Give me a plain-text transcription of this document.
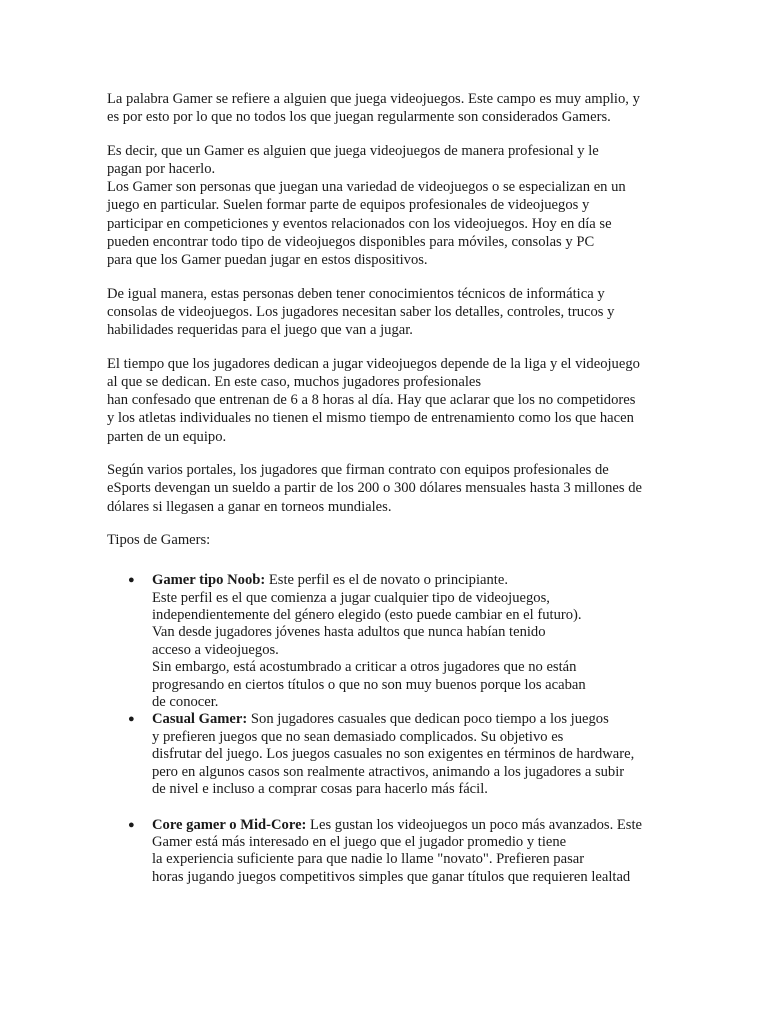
La palabra Gamer se refiere a alguien que juega videojuegos. Este campo es muy amplio, y
es por esto por lo que no todos los que juegan regularmente son considerados Gamers.

Es decir, que un Gamer es alguien que juega videojuegos de manera profesional y le
pagan por hacerlo.
Los Gamer son personas que juegan una variedad de videojuegos o se especializan en un
juego en particular. Suelen formar parte de equipos profesionales de videojuegos y
participar en competiciones y eventos relacionados con los videojuegos. Hoy en día se
pueden encontrar todo tipo de videojuegos disponibles para móviles, consolas y PC
para que los Gamer puedan jugar en estos dispositivos.

De igual manera, estas personas deben tener conocimientos técnicos de informática y
consolas de videojuegos. Los jugadores necesitan saber los detalles, controles, trucos y
habilidades requeridas para el juego que van a jugar.

El tiempo que los jugadores dedican a jugar videojuegos depende de la liga y el videojuego
al que se dedican. En este caso, muchos jugadores profesionales
han confesado que entrenan de 6 a 8 horas al día. Hay que aclarar que los no competidores
y los atletas individuales no tienen el mismo tiempo de entrenamiento como los que hacen
parten de un equipo.

Según varios portales, los jugadores que firman contrato con equipos profesionales de
eSports devengan un sueldo a partir de los 200 o 300 dólares mensuales hasta 3 millones de
dólares si llegasen a ganar en torneos mundiales.

Tipos de Gamers:

● Gamer tipo Noob: Este perfil es el de novato o principiante.
Este perfil es el que comienza a jugar cualquier tipo de videojuegos,
independientemente del género elegido (esto puede cambiar en el futuro).
Van desde jugadores jóvenes hasta adultos que nunca habían tenido
acceso a videojuegos.
Sin embargo, está acostumbrado a criticar a otros jugadores que no están
progresando en ciertos títulos o que no son muy buenos porque los acaban
de conocer.
● Casual Gamer: Son jugadores casuales que dedican poco tiempo a los juegos
y prefieren juegos que no sean demasiado complicados. Su objetivo es
disfrutar del juego. Los juegos casuales no son exigentes en términos de hardware,
pero en algunos casos son realmente atractivos, animando a los jugadores a subir
de nivel e incluso a comprar cosas para hacerlo más fácil.
● Core gamer o Mid-Core: Les gustan los videojuegos un poco más avanzados. Este
Gamer está más interesado en el juego que el jugador promedio y tiene
la experiencia suficiente para que nadie lo llame "novato". Prefieren pasar
horas jugando juegos competitivos simples que ganar títulos que requieren lealtad
